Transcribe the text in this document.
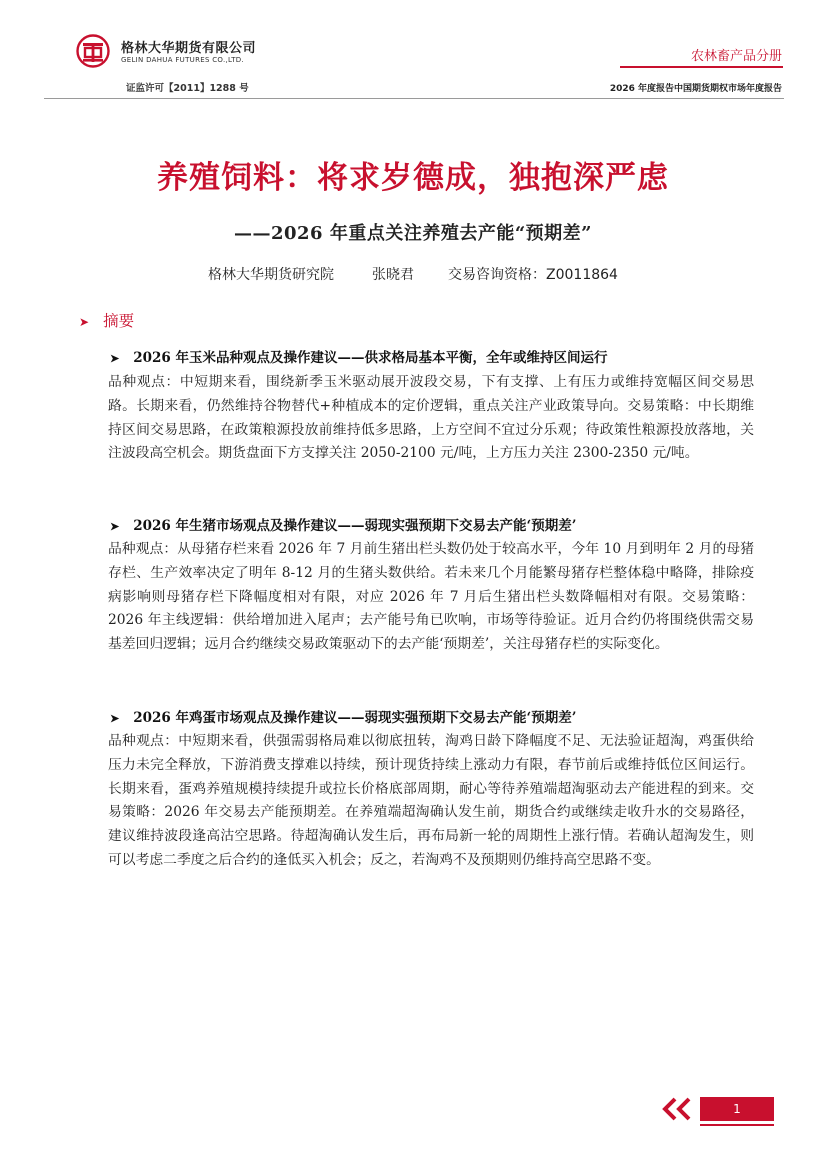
格林大华期货有限公司
GELIN DAHUA FUTURES CO.,LTD.
证监许可【2011】1288 号
农林畜产品分册
2026 年度报告中国期货期权市场年度报告
养殖饲料：将求岁德成，独抱深严虑
——2026 年重点关注养殖去产能“预期差”
格林大华期货研究院	张晓君 交易咨询资格：Z0011864
➤ 摘要
➤ 2026 年玉米品种观点及操作建议——供求格局基本平衡，全年或维持区间运行
品种观点：中短期来看，围绕新季玉米驱动展开波段交易，下有支撑、上有压力或维持宽幅区间交易思路。长期来看，仍然维持谷物替代+种植成本的定价逻辑，重点关注产业政策导向。交易策略：中长期维持区间交易思路，在政策粮源投放前维持低多思路，上方空间不宜过分乐观；待政策性粮源投放落地，关注波段高空机会。期货盘面下方支撑关注 2050-2100 元/吨，上方压力关注 2300-2350 元/吨。
➤ 2026 年生猪市场观点及操作建议——弱现实强预期下交易去产能‘预期差’
品种观点：从母猪存栏来看 2026 年 7 月前生猪出栏头数仍处于较高水平，今年 10 月到明年 2 月的母猪存栏、生产效率决定了明年 8-12 月的生猪头数供给。若未来几个月能繁母猪存栏整体稳中略降，排除疫病影响则母猪存栏下降幅度相对有限，对应 2026 年 7 月后生猪出栏头数降幅相对有限。交易策略：2026 年主线逻辑：供给增加进入尾声；去产能号角已吹响，市场等待验证。近月合约仍将围绕供需交易基差回归逻辑；远月合约继续交易政策驱动下的去产能‘预期差’，关注母猪存栏的实际变化。
➤ 2026 年鸡蛋市场观点及操作建议——弱现实强预期下交易去产能‘预期差’
品种观点：中短期来看，供强需弱格局难以彻底扭转，淘鸡日龄下降幅度不足、无法验证超淘，鸡蛋供给压力未完全释放，下游消费支撑难以持续，预计现货持续上涨动力有限，春节前后或维持低位区间运行。长期来看，蛋鸡养殖规模持续提升或拉长价格底部周期，耐心等待养殖端超淘驱动去产能进程的到来。交易策略：2026 年交易去产能预期差。在养殖端超淘确认发生前，期货合约或继续走收升水的交易路径，建议维持波段逢高沽空思路。待超淘确认发生后，再布局新一轮的周期性上涨行情。若确认超淘发生，则可以考虑二季度之后合约的逢低买入机会；反之，若淘鸡不及预期则仍维持高空思路不变。
1
